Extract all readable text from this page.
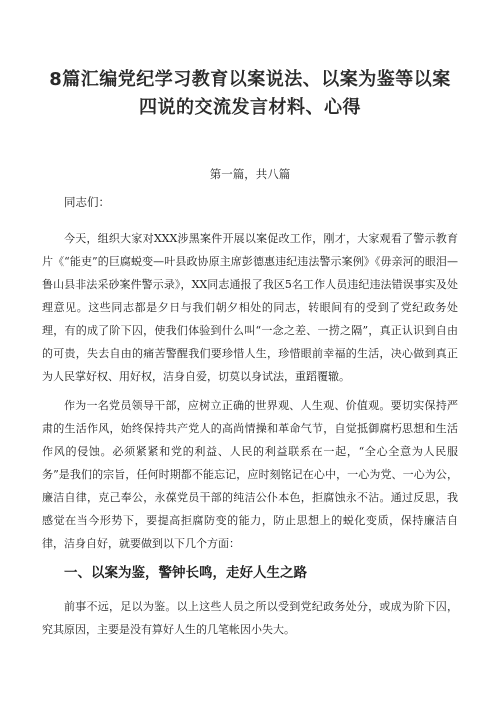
8篇汇编党纪学习教育以案说法、以案为鉴等以案
四说的交流发言材料、心得
第一篇，共八篇
同志们：

今天，组织大家对XXX涉黑案件开展以案促改工作，刚才，大家观看了警示教育片《“能吏”的巨腐蜕变—叶县政协原主席彭德惠违纪违法警示案例》《毋亲河的眼泪—鲁山县非法采砂案件警示录》，XX同志通报了我区5名工作人员违纪违法错误事实及处理意见。这些同志都是夕日与我们朝夕相处的同志，转眼间有的受到了党纪政务处理，有的成了阶下囚，使我们体验到什么叫“一念之差、一捞之隔”，真正认识到自由的可贵，失去自由的痛苦警醒我们要珍惜人生，珍惜眼前幸福的生活，决心做到真正为人民掌好权、用好权，洁身自爱，切莫以身试法，重蹈覆辙。

作为一名党员领导干部，应树立正确的世界观、人生观、价值观。要切实保持严肃的生活作风，始终保持共产党人的高尚情操和革命气节，自觉抵御腐朽思想和生活作风的侵蚀。必须紧紧和党的利益、人民的利益联系在一起，“全心全意为人民服务”是我们的宗旨，任何时期都不能忘记，应时刻铭记在心中，一心为党、一心为公，廉洁自律，克己奉公，永葆党员干部的纯洁公仆本色，拒腐蚀永不沾。通过反思，我感觉在当今形势下，要提高拒腐防变的能力，防止思想上的蜕化变质，保持廉洁自律，洁身自好，就要做到以下几个方面：

一、以案为鉴，警钟长鸣，走好人生之路

前事不远，足以为鉴。以上这些人员之所以受到党纪政务处分，或成为阶下囚，究其原因，主要是没有算好人生的几笔帐因小失大。
